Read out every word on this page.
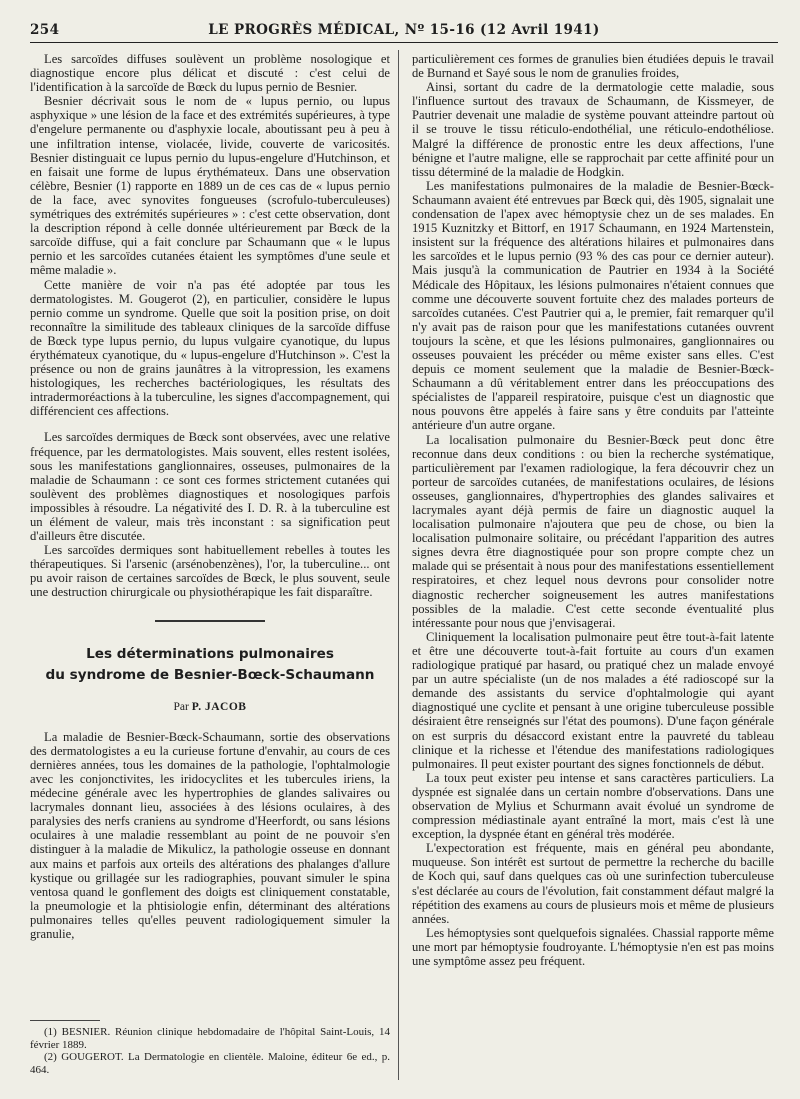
254	LE PROGRÈS MÉDICAL, Nº 15-16 (12 Avril 1941)

Les sarcoïdes diffuses soulèvent un problème nosologique et diagnostique encore plus délicat et discuté : c'est celui de l'identification à la sarcoïde de Bœck du lupus pernio de Besnier.

Besnier décrivait sous le nom de « lupus pernio, ou lupus asphyxique » une lésion de la face et des extrémités supérieures, à type d'engelure permanente ou d'asphyxie locale, aboutissant peu à peu à une infiltration intense, violacée, livide, couverte de varicosités. Besnier distinguait ce lupus pernio du lupus-engelure d'Hutchinson, et en faisait une forme de lupus érythémateux. Dans une observation célèbre, Besnier (1) rapporte en 1889 un de ces cas de « lupus pernio de la face, avec synovites fongueuses (scrofulo-tuberculeuses) symétriques des extrémités supérieures » : c'est cette observation, dont la description répond à celle donnée ultérieurement par Bœck de la sarcoïde diffuse, qui a fait conclure par Schaumann que « le lupus pernio et les sarcoïdes cutanées étaient les symptômes d'une seule et même maladie ».

Cette manière de voir n'a pas été adoptée par tous les dermatologistes. M. Gougerot (2), en particulier, considère le lupus pernio comme un syndrome. Quelle que soit la position prise, on doit reconnaître la similitude des tableaux cliniques de la sarcoïde diffuse de Bœck type lupus pernio, du lupus vulgaire cyanotique, du lupus érythémateux cyanotique, du « lupus-engelure d'Hutchinson ». C'est la présence ou non de grains jaunâtres à la vitropression, les examens histologiques, les recherches bactériologiques, les résultats des intradermoréactions à la tuberculine, les signes d'accompagnement, qui différencient ces affections.

Les sarcoïdes dermiques de Bœck sont observées, avec une relative fréquence, par les dermatologistes. Mais souvent, elles restent isolées, sous les manifestations ganglionnaires, osseuses, pulmonaires de la maladie de Schaumann : ce sont ces formes strictement cutanées qui soulèvent des problèmes diagnostiques et nosologiques parfois impossibles à résoudre. La négativité des I. D. R. à la tuberculine est un élément de valeur, mais très inconstant : sa signification peut d'ailleurs être discutée.

Les sarcoïdes dermiques sont habituellement rebelles à toutes les thérapeutiques. Si l'arsenic (arsénobenzènes), l'or, la tuberculine... ont pu avoir raison de certaines sarcoïdes de Bœck, le plus souvent, seule une destruction chirurgicale ou physiothérapique les fait disparaître.

Les déterminations pulmonaires
du syndrome de Besnier-Bœck-Schaumann
Par P. JACOB

La maladie de Besnier-Bœck-Schaumann, sortie des observations des dermatologistes a eu la curieuse fortune d'envahir, au cours de ces dernières années, tous les domaines de la pathologie, l'ophtalmologie avec les conjonctivites, les iridocyclites et les tubercules iriens, la médecine générale avec les hypertrophies de glandes salivaires ou lacrymales donnant lieu, associées à des lésions oculaires, à des paralysies des nerfs craniens au syndrome d'Heerfordt, ou sans lésions oculaires à une maladie ressemblant au point de ne pouvoir s'en distinguer à la maladie de Mikulicz, la pathologie osseuse en donnant aux mains et parfois aux orteils des altérations des phalanges d'allure kystique ou grillagée sur les radiographies, pouvant simuler le spina ventosa quand le gonflement des doigts est cliniquement constatable, la pneumologie et la phtisiologie enfin, déterminant des altérations pulmonaires telles qu'elles peuvent radiologiquement simuler la granulie,

(1) BESNIER. Réunion clinique hebdomadaire de l'hôpital Saint-Louis, 14 février 1889.

(2) GOUGEROT. La Dermatologie en clientèle. Maloine, éditeur 6e ed., p. 464.

particulièrement ces formes de granulies bien étudiées depuis le travail de Burnand et Sayé sous le nom de granulies froides,

Ainsi, sortant du cadre de la dermatologie cette maladie, sous l'influence surtout des travaux de Schaumann, de Kissmeyer, de Pautrier devenait une maladie de système pouvant atteindre partout où il se trouve le tissu réticulo-endothélial, une réticulo-endothéliose. Malgré la différence de pronostic entre les deux affections, l'une bénigne et l'autre maligne, elle se rapprochait par cette affinité pour un tissu déterminé de la maladie de Hodgkin.

Les manifestations pulmonaires de la maladie de Besnier-Bœck-Schaumann avaient été entrevues par Bœck qui, dès 1905, signalait une condensation de l'apex avec hémoptysie chez un de ses malades. En 1915 Kuznitzky et Bittorf, en 1917 Schaumann, en 1924 Martenstein, insistent sur la fréquence des altérations hilaires et pulmonaires dans les sarcoïdes et le lupus pernio (93 % des cas pour ce dernier auteur). Mais jusqu'à la communication de Pautrier en 1934 à la Société Médicale des Hôpitaux, les lésions pulmonaires n'étaient connues que comme une découverte souvent fortuite chez des malades porteurs de sarcoïdes cutanées. C'est Pautrier qui a, le premier, fait remarquer qu'il n'y avait pas de raison pour que les manifestations cutanées ouvrent toujours la scène, et que les lésions pulmonaires, ganglionnaires ou osseuses pouvaient les précéder ou même exister sans elles. C'est depuis ce moment seulement que la maladie de Besnier-Bœck-Schaumann a dû véritablement entrer dans les préoccupations des spécialistes de l'appareil respiratoire, puisque c'est un diagnostic que nous pouvons être appelés à faire sans y être conduits par l'atteinte antérieure d'un autre organe.

La localisation pulmonaire du Besnier-Bœck peut donc être reconnue dans deux conditions : ou bien la recherche systématique, particulièrement par l'examen radiologique, la fera découvrir chez un porteur de sarcoïdes cutanées, de manifestations oculaires, de lésions osseuses, ganglionnaires, d'hypertrophies des glandes salivaires et lacrymales ayant déjà permis de faire un diagnostic auquel la localisation pulmonaire n'ajoutera que peu de chose, ou bien la localisation pulmonaire solitaire, ou précédant l'apparition des autres signes devra être diagnostiquée pour son propre compte chez un malade qui se présentait à nous pour des manifestations essentiellement respiratoires, et chez lequel nous devrons pour consolider notre diagnostic rechercher soigneusement les autres manifestations possibles de la maladie. C'est cette seconde éventualité plus intéressante pour nous que j'envisagerai.

Cliniquement la localisation pulmonaire peut être tout-à-fait latente et être une découverte tout-à-fait fortuite au cours d'un examen radiologique pratiqué par hasard, ou pratiqué chez un malade envoyé par un autre spécialiste (un de nos malades a été radioscopé sur la demande des assistants du service d'ophtalmologie qui ayant diagnostiqué une cyclite et pensant à une origine tuberculeuse possible désiraient être renseignés sur l'état des poumons). D'une façon générale on est surpris du désaccord existant entre la pauvreté du tableau clinique et la richesse et l'étendue des manifestations radiologiques pulmonaires. Il peut exister pourtant des signes fonctionnels de début.

La toux peut exister peu intense et sans caractères particuliers. La dyspnée est signalée dans un certain nombre d'observations. Dans une observation de Mylius et Schurmann avait évolué un syndrome de compression médiastinale ayant entraîné la mort, mais c'est là une exception, la dyspnée étant en général très modérée.

L'expectoration est fréquente, mais en général peu abondante, muqueuse. Son intérêt est surtout de permettre la recherche du bacille de Koch qui, sauf dans quelques cas où une surinfection tuberculeuse s'est déclarée au cours de l'évolution, fait constamment défaut malgré la répétition des examens au cours de plusieurs mois et même de plusieurs années.

Les hémoptysies sont quelquefois signalées. Chassial rapporte même une mort par hémoptysie foudroyante. L'hémoptysie n'en est pas moins une symptôme assez peu fréquent.
